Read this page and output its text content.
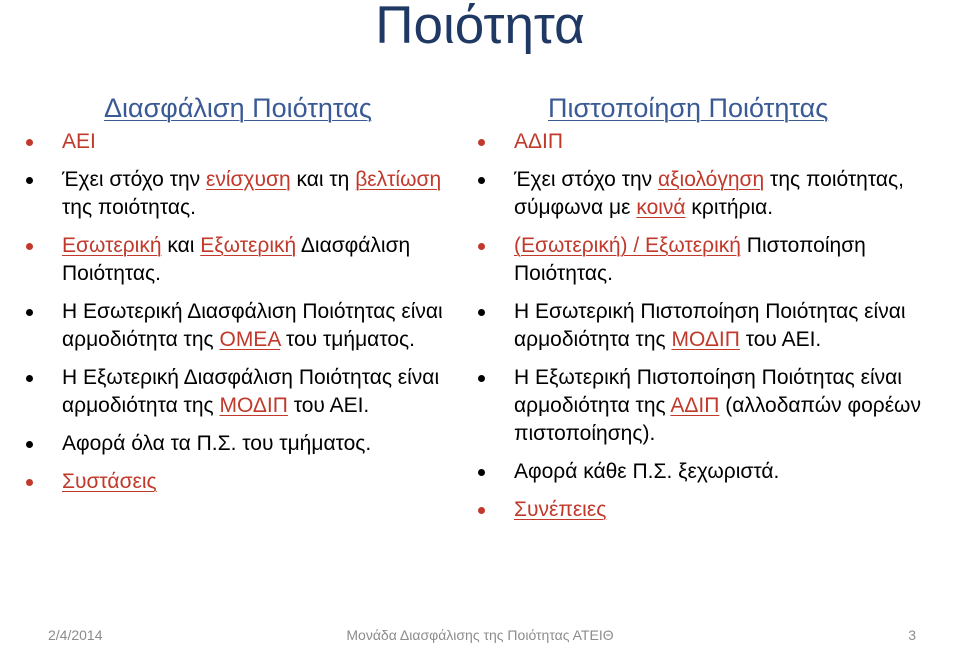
Ποιότητα
Διασφάλιση Ποιότητας
ΑΕΙ
Έχει στόχο την ενίσχυση και τη βελτίωση της ποιότητας.
Εσωτερική και Εξωτερική Διασφάλιση Ποιότητας.
Η Εσωτερική Διασφάλιση Ποιότητας είναι αρμοδιότητα της ΟΜΕΑ του τμήματος.
Η Εξωτερική Διασφάλιση Ποιότητας είναι αρμοδιότητα της ΜΟΔΙΠ του ΑΕΙ.
Αφορά όλα τα Π.Σ. του τμήματος.
Συστάσεις
Πιστοποίηση Ποιότητας
ΑΔΙΠ
Έχει στόχο την αξιολόγηση της ποιότητας, σύμφωνα με κοινά κριτήρια.
(Εσωτερική) / Εξωτερική Πιστοποίηση Ποιότητας.
Η Εσωτερική Πιστοποίηση Ποιότητας είναι αρμοδιότητα της ΜΟΔΙΠ του ΑΕΙ.
Η Εξωτερική Πιστοποίηση Ποιότητας είναι αρμοδιότητα της ΑΔΙΠ (αλλοδαπών φορέων πιστοποίησης).
Αφορά κάθε Π.Σ. ξεχωριστά.
Συνέπειες
2/4/2014	Μονάδα Διασφάλισης της Ποιότητας ΑΤΕΙΘ	3
